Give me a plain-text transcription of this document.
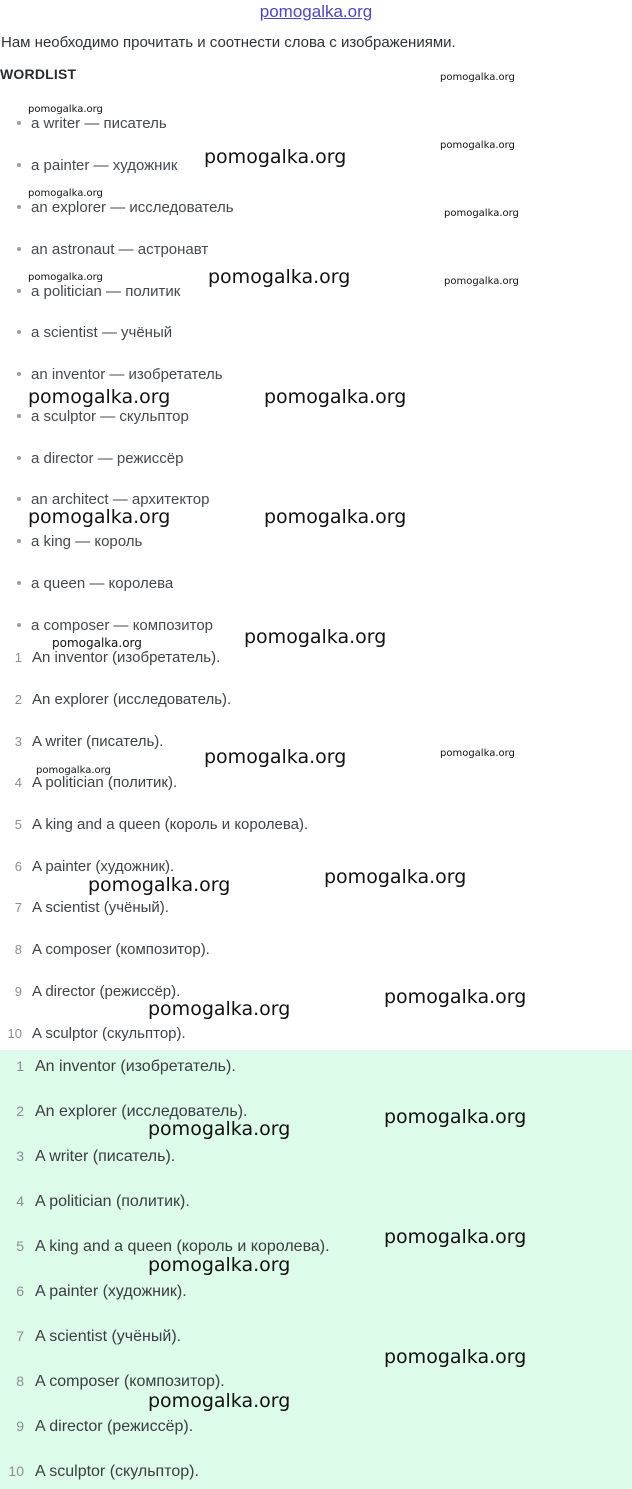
pomogalka.org
Нам необходимо прочитать и соотнести слова с изображениями.
WORDLIST
a writer — писатель
a painter — художник
an explorer — исследователь
an astronaut — астронавт
a politician — политик
a scientist — учёный
an inventor — изобретатель
a sculptor — скульптор
a director — режиссёр
an architect — архитектор
a king — король
a queen — королева
a composer — композитор
1 An inventor (изобретатель).
2 An explorer (исследователь).
3 A writer (писатель).
4 A politician (политик).
5 A king and a queen (король и королева).
6 A painter (художник).
7 A scientist (учёный).
8 A composer (композитор).
9 A director (режиссёр).
10 A sculptor (скульптор).
1 An inventor (изобретатель).
2 An explorer (исследователь).
3 A writer (писатель).
4 A politician (политик).
5 A king and a queen (король и королева).
6 A painter (художник).
7 A scientist (учёный).
8 A composer (композитор).
9 A director (режиссёр).
10 A sculptor (скульптор).
pomogalka.org
pomogalka.org
pomogalka.org
pomogalka.org
pomogalka.org
pomogalka.org
pomogalka.org
pomogalka.org	pomogalka.org
pomogalka.org	pomogalka.org
pomogalka.org	pomogalka.org
pomogalka.org
pomogalka.org
pomogalka.org
pomogalka.org
pomogalka.org
pomogalka.org
pomogalka.org
pomogalka.org
pomogalka.org
pomogalka.org
pomogalka.org
pomogalka.org
pomogalka.org
pomogalka.org
pomogalka.org
